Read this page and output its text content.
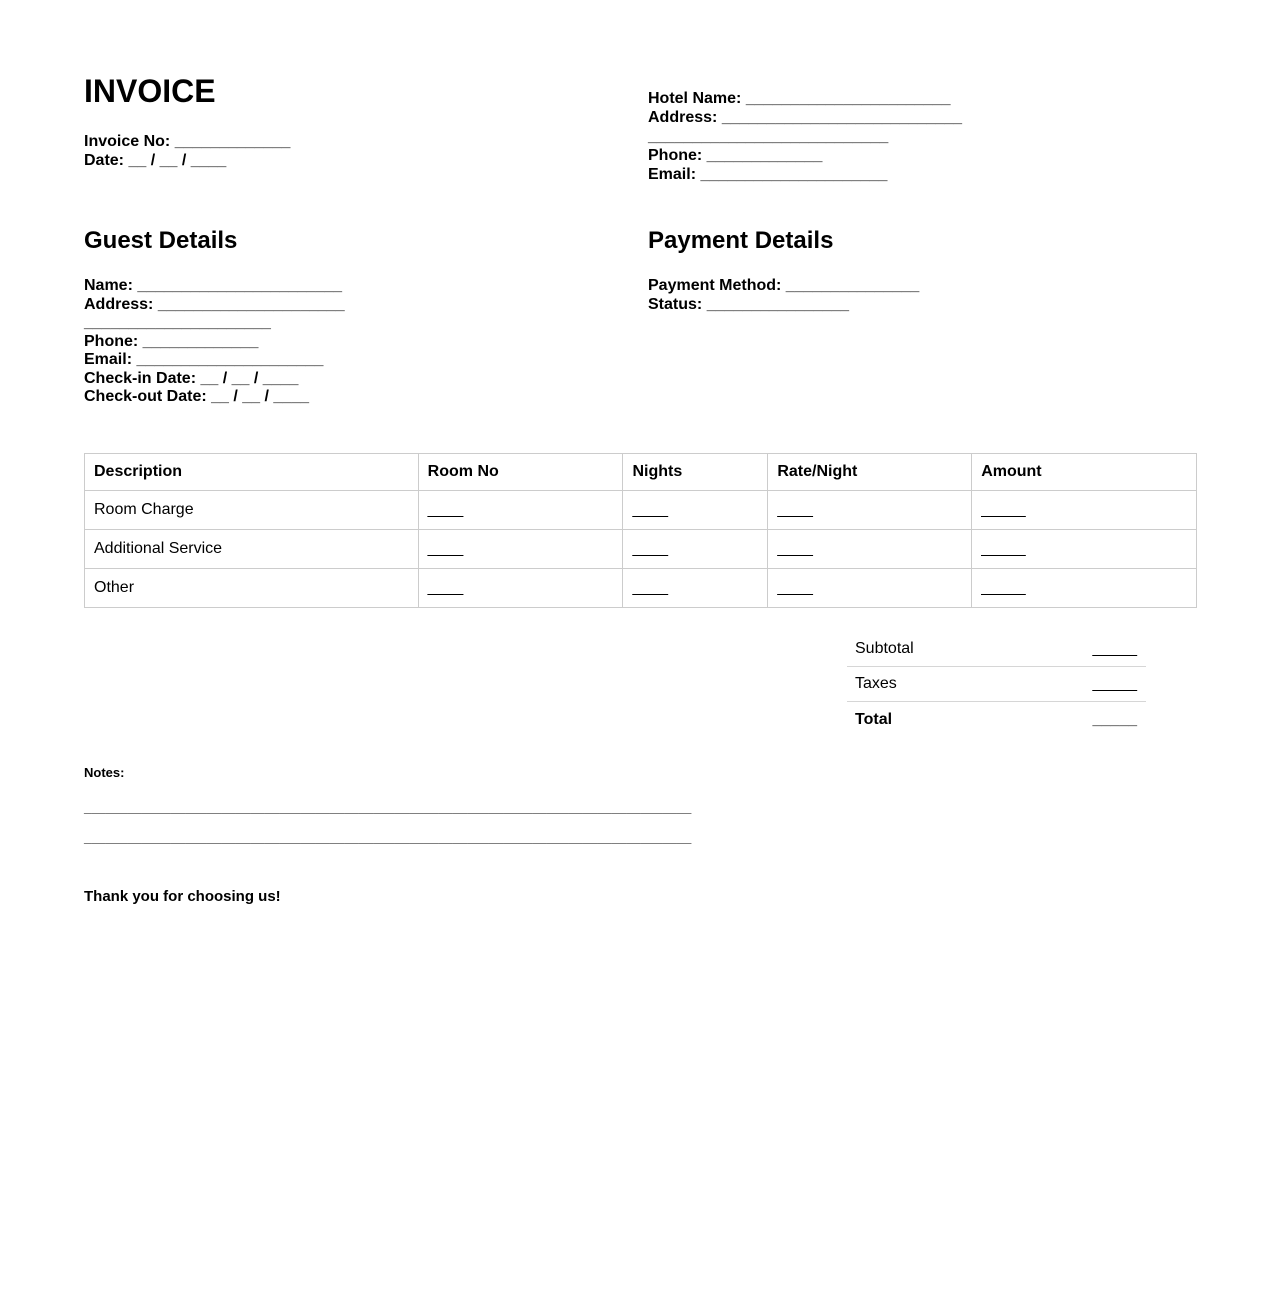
INVOICE
Invoice No: _____________
Date: __ / __ / ____
Hotel Name: _______________________
Address: ___________________________
___________________________
Phone: _____________
Email: _____________________
Guest Details
Name: _______________________
Address: _____________________
_____________________
Phone: _____________
Email: _____________________
Check-in Date: __ / __ / ____
Check-out Date: __ / __ / ____
Payment Details
Payment Method: _______________
Status: ________________
Description	Room No	Nights	Rate/Night	Amount
Room Charge	____	____	____	_____
Additional Service	____	____	____	_____
Other	____	____	____	_____
Subtotal	_____
Taxes	_____
Total	_____
Notes:
____________________________________________________________________________________
____________________________________________________________________________________
Thank you for choosing us!
